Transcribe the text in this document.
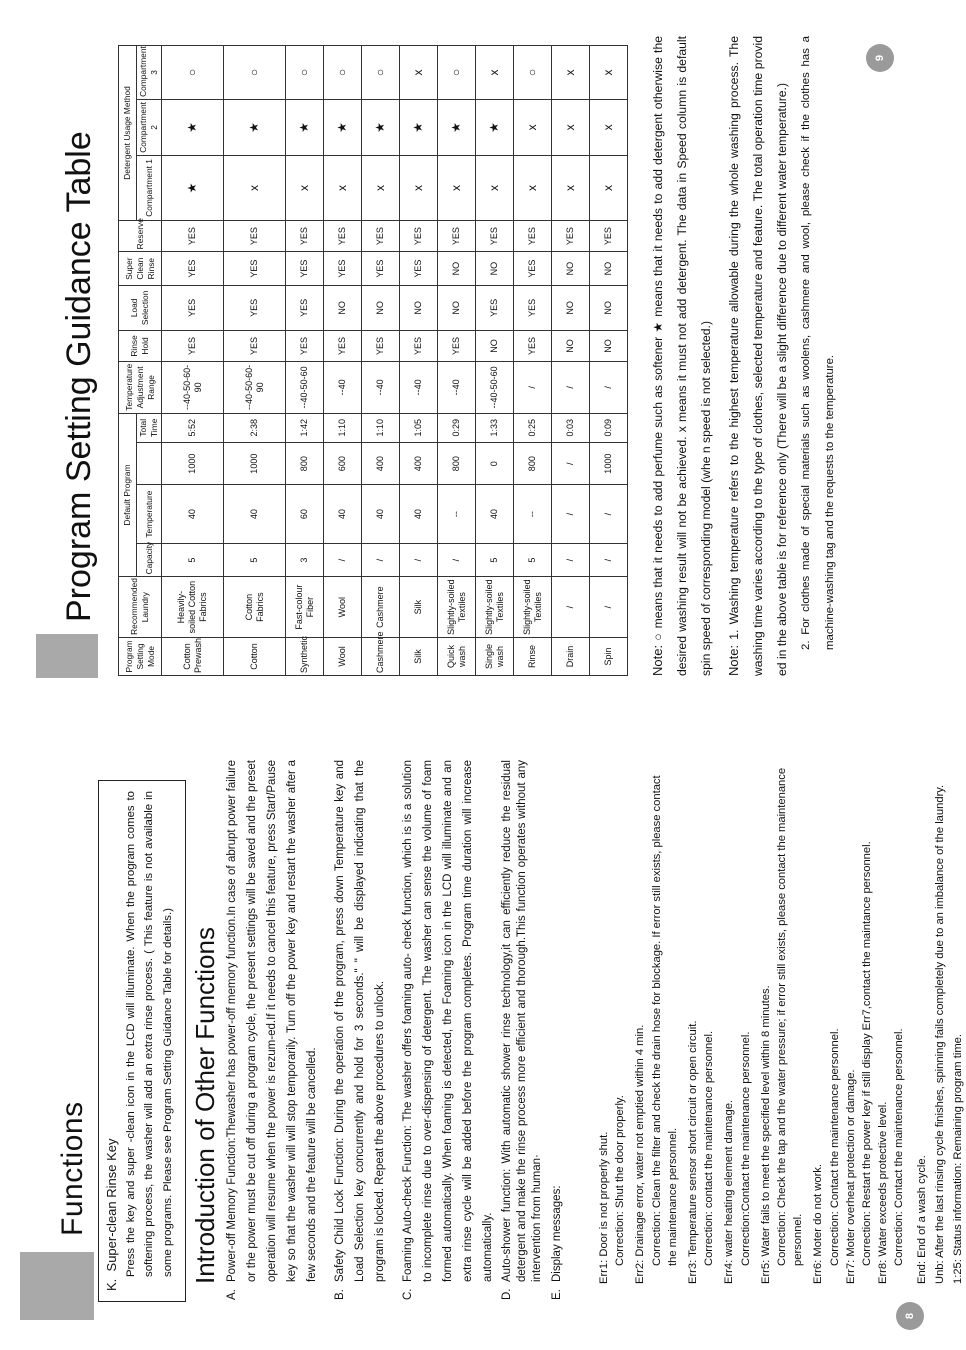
8
9
Functions
K.  Super-clean Rinse Key Press the key and super -clean icon in the LCD will illuminate. When the program comes to softening process, the washer will add an extra rinse process. ( This feature is not available in some programs. Please see Program Setting Guidance Table for details.) Introduction of Other Functions
A.
Power-off Memory Function:Thewasher has power-off memory function.In case of abrupt power failure or the power must be cut off during a program cycle, the present settings will be saved and the preset operation will resume when the power is rezum-ed.If it needs to cancel this feature, press Start/Pause key so that the washer will will stop temporarily. Turn off the power key and restart the washer after a few seconds and the feature will be cancelled.
B.
Safety Child Lock Function: During the operation of the program, press down Temperature key and Load Selection key concurrently and hold for 3 seconds." " will be displayed indicating that the program is locked. Repeat the above procedures to unlock.
C.
Foaming Auto-check Function: The washer offers foaming auto- check function, which is is a solution to incomplete rinse due to over-dispensing of detergent. The washer can sense the volume of foam formed automatically. When foaming is detected, the Foaming icon in the LCD will illuminate and an extra rinse cycle will be added before the program completes. Program time duration will increase automatically.
D.
Auto-shower function: With automatic shower rinse technology,it can efficiently reduce the residual detergent and make the rinse process more efficient and thorough.This function operates without any intervention from human·
E.
Display messages:	Err1: Door is not properly shut. Correction: Shut the door properly.
Err2: Drainage error, water not emptied within 4 min. Correction: Clean the filter and check the drain hose for blockage. If error still exists, please contact the maintenance personnel.
Err3: Temperature sensor short circuit or open circuit. Correction: contact the maintenance personnel.
Err4: water heating element damage. Correction:Contact the maintenance personnel.
Err5: Water fails to meet the specified level within 8 minutes. Correction: Check the tap and the water pressure; if error still exists, please contact the maintenance personnel.
Err6: Moter do not work. Correction: Contact the maintenance personnel.
Err7: Moter overheat protection or damage. Correction: Restart the power key if still display Err7,contact the maintance personnel.
Err8: Water exceeds protective level. Correction: Contact the maintenance personnel.
End: End of a wash cycle.
Unb: After the last rinsing cycle finishes, spinning fails completely due to an imbalance of the laundry.
1:25: Status information: Remaining program time.
Program Setting Guidance Table
Program Setting Mode	Recommended Laundry	Default Program				Temperature Adjustment Range	Rinse Hold	Load Selection	Super Clean Rinse	Reserve	Detergent Usage Method		
		Capacity	Temperature		Total Time						Compartment 1	Compartment 2	Compartment 3
Cotton Prewash	Heavily-soiled Cotton Fabrics	5	40	1000	5:52	--40-50-60-90	YES	YES	YES	YES	★	★	○
Cotton	Cotton Fabrics	5	40	1000	2:38	--40-50-60-90	YES	YES	YES	YES	x	★	○
Synthetic	Fast-colour Fiber	3	60	800	1:42	--40-50-60	YES	YES	YES	YES	x	★	○
Wool	Wool	/	40	600	1:10	--40	YES	NO	YES	YES	x	★	○
Cashmere	Cashmere	/	40	400	1:10	--40	YES	NO	YES	YES	x	★	○
Silk	Silk	/	40	400	1:05	--40	YES	NO	YES	YES	x	★	x
Quick wash	Slightly-soiled Textiles	/	--	800	0:29	--40	YES	NO	NO	YES	x	★	○
Single wash	Slightly-soiled Textiles	5	40	0	1:33	--40-50-60	NO	YES	NO	YES	x	★	x
Rinse	Slightly-soiled Textiles	5	--	800	0:25	/	YES	YES	YES	YES	x	x	○
Drain	/	/	/	/	0:03	/	NO	NO	NO	YES	x	x	x
Spin	/	/	/	1000	0:09	/	NO	NO	NO	YES	x	x	x
Note: ○ means that it needs to add perfume such as softener ★ means that it needs to add detergent otherwise the desired washing result will not be achieved. x means it must not add detergent. The data in Speed column is default spin speed of corresponding model (whe n speed is not selected.)	Note: 1. Washing temperature refers to the highest temperature allowable during the whole washing process. The washing time varies according to the type of clothes, selected temperature and feature. The total operation time provid ed in the above table is for reference only (There will be a slight difference due to different water temperature.) 2. For clothes made of special materials such as woolens, cashmere and wool, please check if the clothes has a machine-washing tag and the requests to the temperature.
